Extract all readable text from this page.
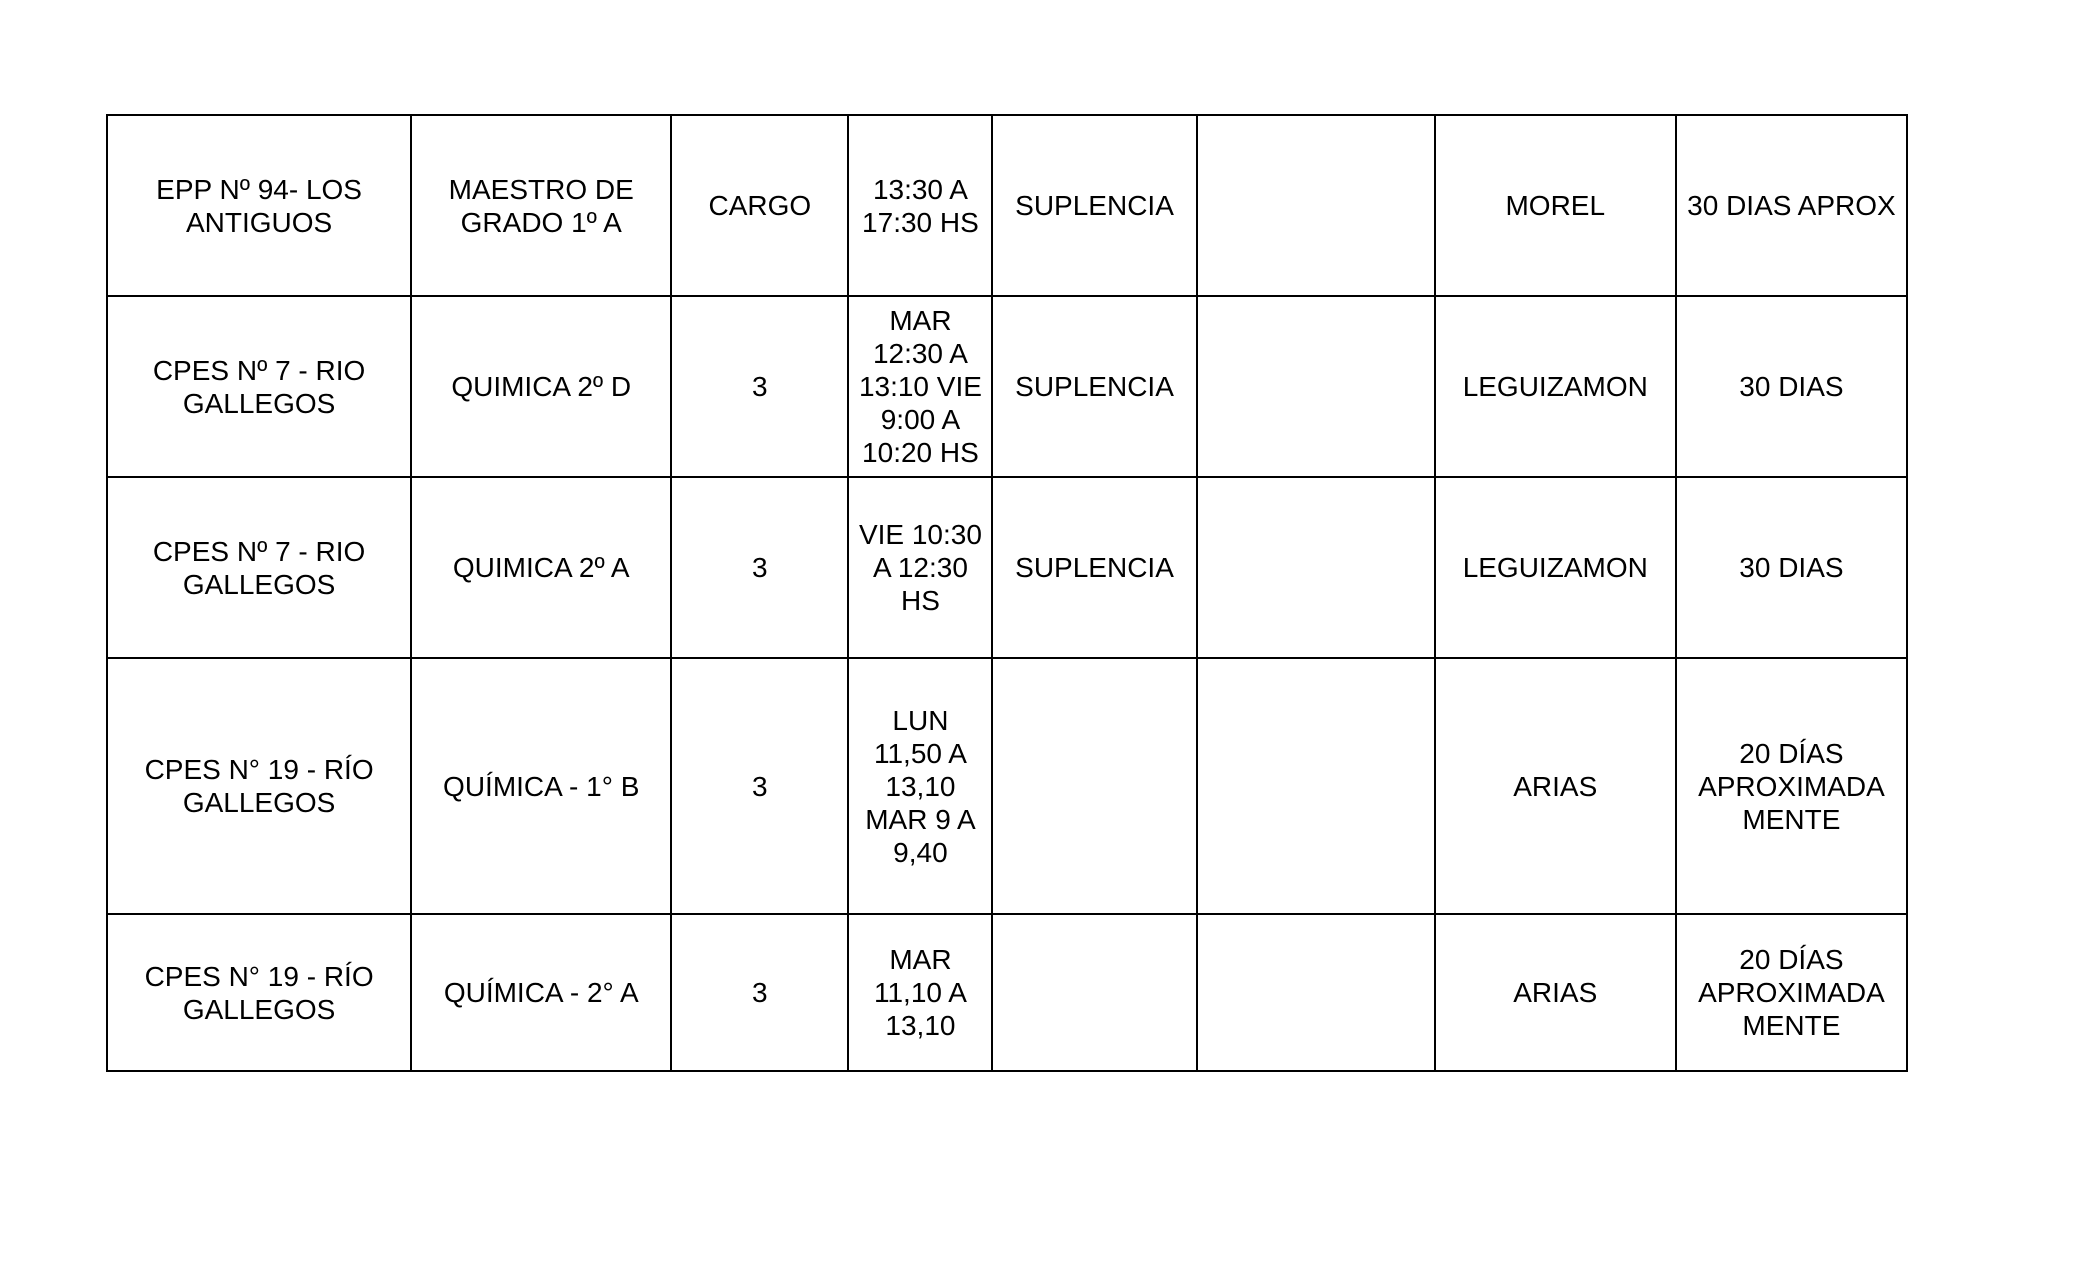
EPP Nº 94- LOS ANTIGUOS	MAESTRO DE GRADO 1º A	CARGO	13:30 A 17:30 HS	SUPLENCIA		MOREL	30 DIAS APROX
CPES Nº 7 - RIO GALLEGOS	QUIMICA 2º D	3	MAR 12:30 A 13:10 VIE 9:00 A 10:20 HS	SUPLENCIA		LEGUIZAMON	30 DIAS
CPES Nº 7 - RIO GALLEGOS	QUIMICA 2º A	3	VIE 10:30 A 12:30 HS	SUPLENCIA		LEGUIZAMON	30 DIAS
CPES N° 19 - RÍO GALLEGOS	QUÍMICA - 1° B	3	LUN 11,50 A 13,10 MAR 9 A 9,40			ARIAS	20 DÍAS APROXIMADAMENTE
CPES N° 19 - RÍO GALLEGOS	QUÍMICA - 2° A	3	MAR 11,10 A 13,10			ARIAS	20 DÍAS APROXIMADAMENTE
